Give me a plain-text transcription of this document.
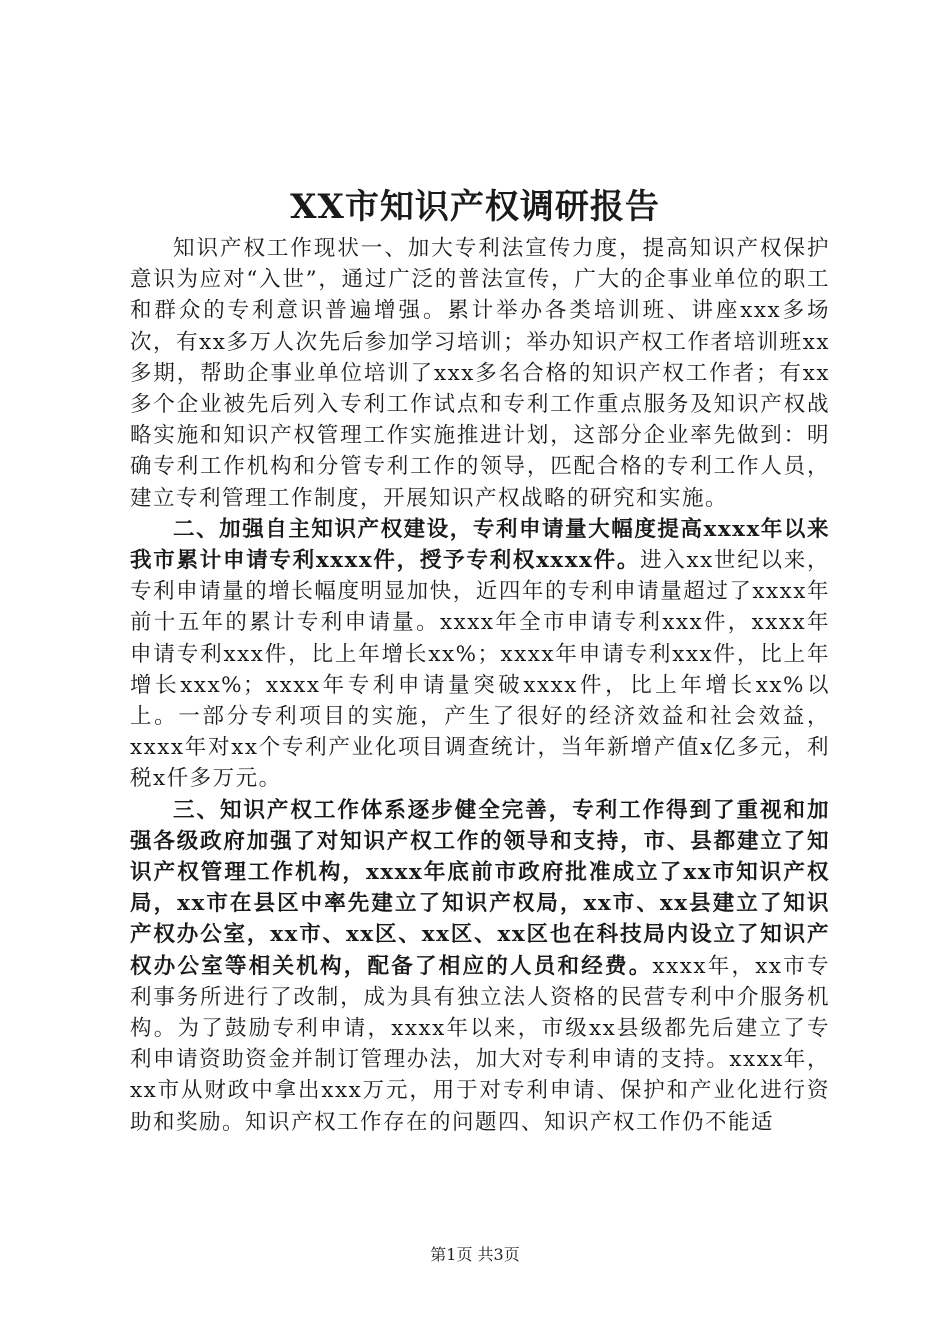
XX市知识产权调研报告

知识产权工作现状一、加大专利法宣传力度，提高知识产权保护意识为应对“入世”，通过广泛的普法宣传，广大的企事业单位的职工和群众的专利意识普遍增强。累计举办各类培训班、讲座xxx多场次，有xx多万人次先后参加学习培训；举办知识产权工作者培训班xx多期，帮助企事业单位培训了xxx多名合格的知识产权工作者；有xx多个企业被先后列入专利工作试点和专利工作重点服务及知识产权战略实施和知识产权管理工作实施推进计划，这部分企业率先做到：明确专利工作机构和分管专利工作的领导，匹配合格的专利工作人员，建立专利管理工作制度，开展知识产权战略的研究和实施。

二、加强自主知识产权建设，专利申请量大幅度提高xxxx年以来我市累计申请专利xxxx件，授予专利权xxxx件。进入xx世纪以来，专利申请量的增长幅度明显加快，近四年的专利申请量超过了xxxx年前十五年的累计专利申请量。xxxx年全市申请专利xxx件，xxxx年申请专利xxx件，比上年增长xx%；xxxx年申请专利xxx件，比上年增长xxx%；xxxx年专利申请量突破xxxx件，比上年增长xx%以上。一部分专利项目的实施，产生了很好的经济效益和社会效益，xxxx年对xx个专利产业化项目调查统计，当年新增产值x亿多元，利税x仟多万元。

三、知识产权工作体系逐步健全完善，专利工作得到了重视和加强各级政府加强了对知识产权工作的领导和支持，市、县都建立了知识产权管理工作机构，xxxx年底前市政府批准成立了xx市知识产权局，xx市在县区中率先建立了知识产权局，xx市、xx县建立了知识产权办公室，xx市、xx区、xx区、xx区也在科技局内设立了知识产权办公室等相关机构，配备了相应的人员和经费。xxxx年，xx市专利事务所进行了改制，成为具有独立法人资格的民营专利中介服务机构。为了鼓励专利申请，xxxx年以来，市级xx县级都先后建立了专利申请资助资金并制订管理办法，加大对专利申请的支持。xxxx年，xx市从财政中拿出xxx万元，用于对专利申请、保护和产业化进行资助和奖励。知识产权工作存在的问题四、知识产权工作仍不能适

第1页 共3页
